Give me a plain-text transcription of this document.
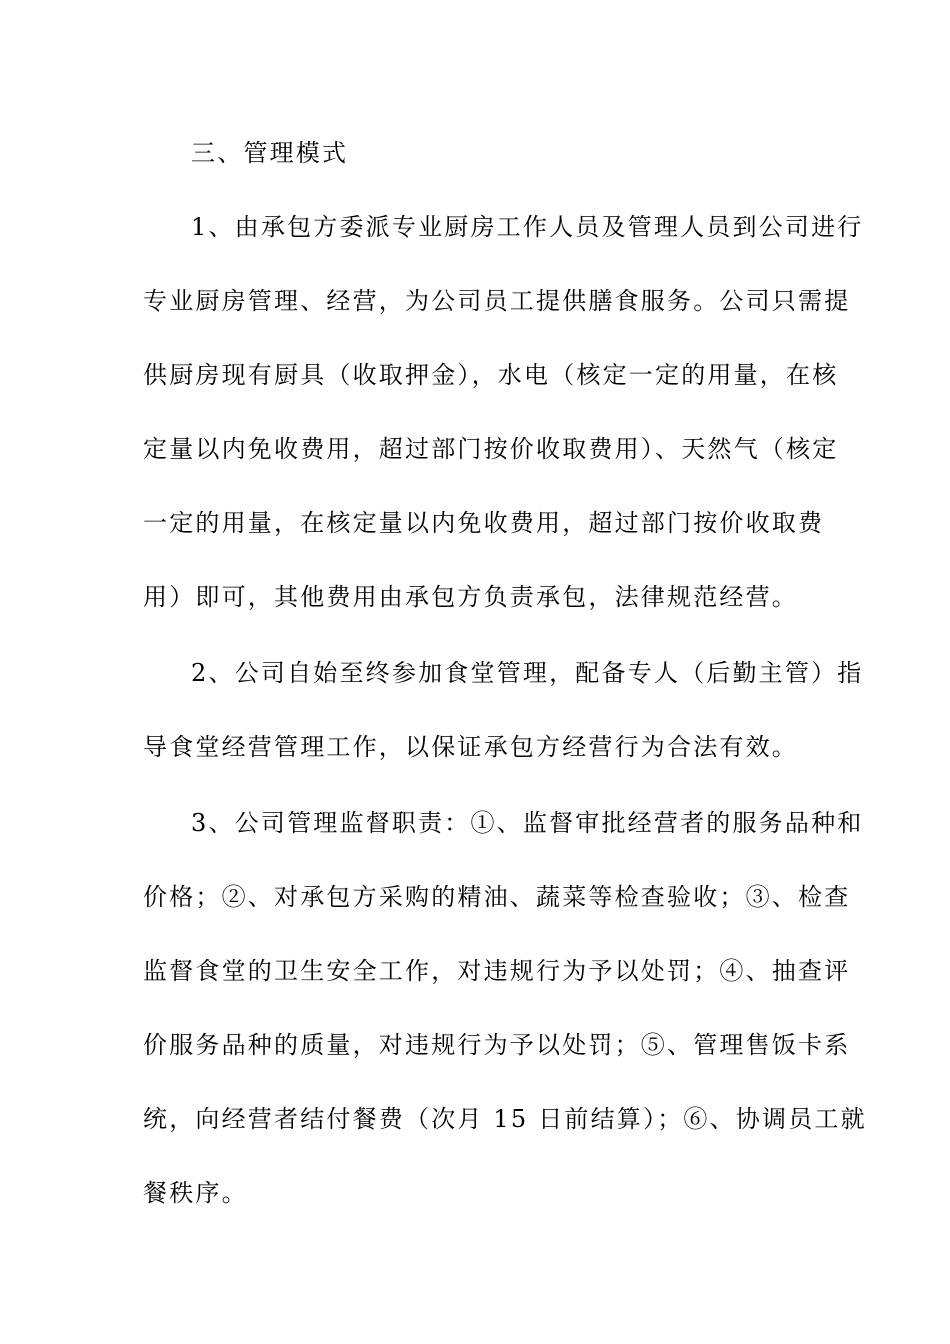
三、管理模式
1、由承包方委派专业厨房工作人员及管理人员到公司进行
专业厨房管理、经营，为公司员工提供膳食服务。公司只需提
供厨房现有厨具（收取押金），水电（核定一定的用量，在核
定量以内免收费用，超过部门按价收取费用）、天然气（核定
一定的用量，在核定量以内免收费用，超过部门按价收取费
用）即可，其他费用由承包方负责承包，法律规范经营。
2、公司自始至终参加食堂管理，配备专人（后勤主管）指
导食堂经营管理工作，以保证承包方经营行为合法有效。
3、公司管理监督职责：①、监督审批经营者的服务品种和
价格；②、对承包方采购的精油、蔬菜等检查验收；③、检查
监督食堂的卫生安全工作，对违规行为予以处罚；④、抽查评
价服务品种的质量，对违规行为予以处罚；⑤、管理售饭卡系
统，向经营者结付餐费（次月 15 日前结算）；⑥、协调员工就
餐秩序。
